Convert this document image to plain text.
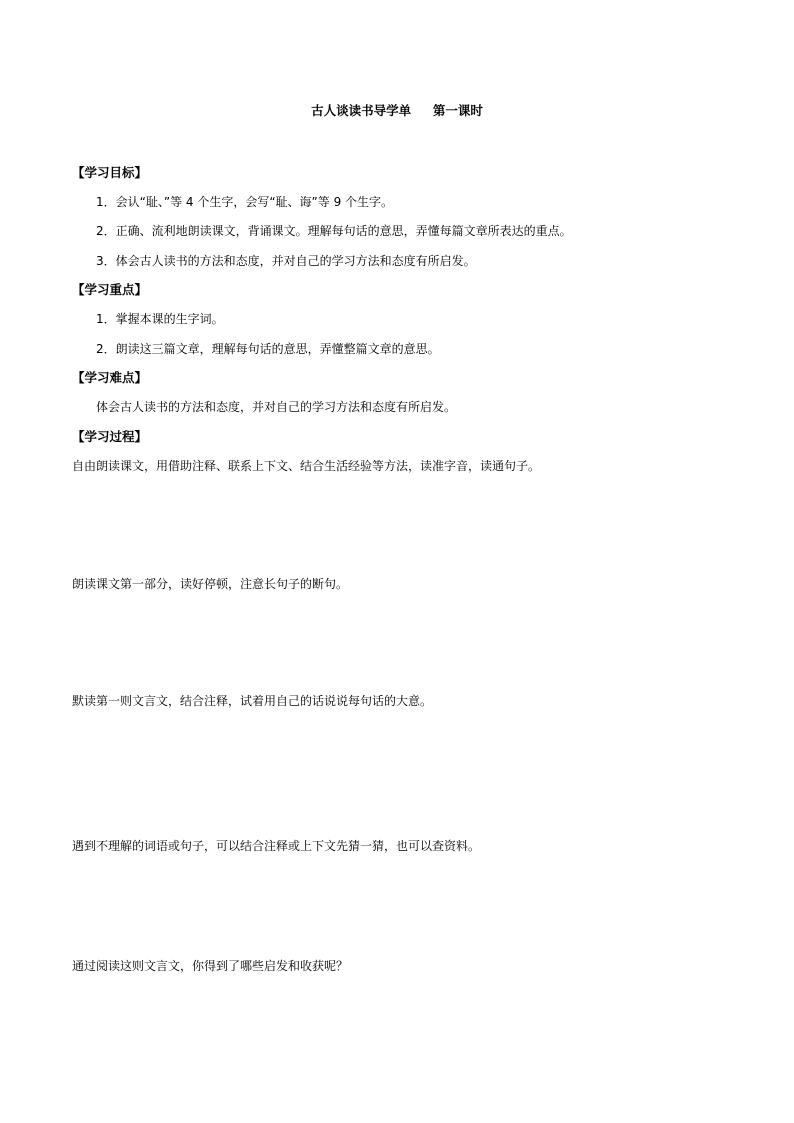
古人谈读书导学单     第一课时
【学习目标】
1．会认“耻、”等 4 个生字，会写“耻、诲”等 9 个生字。
2．正确、流利地朗读课文，背诵课文。理解每句话的意思，弄懂每篇文章所表达的重点。
3．体会古人读书的方法和态度，并对自己的学习方法和态度有所启发。
【学习重点】
1．掌握本课的生字词。
2．朗读这三篇文章，理解每句话的意思，弄懂整篇文章的意思。
【学习难点】
体会古人读书的方法和态度，并对自己的学习方法和态度有所启发。
【学习过程】
自由朗读课文，用借助注释、联系上下文、结合生活经验等方法，读准字音，读通句子。
朗读课文第一部分，读好停顿，注意长句子的断句。
默读第一则文言文，结合注释，试着用自己的话说说每句话的大意。
遇到不理解的词语或句子，可以结合注释或上下文先猜一猜，也可以查资料。
通过阅读这则文言文，你得到了哪些启发和收获呢？
